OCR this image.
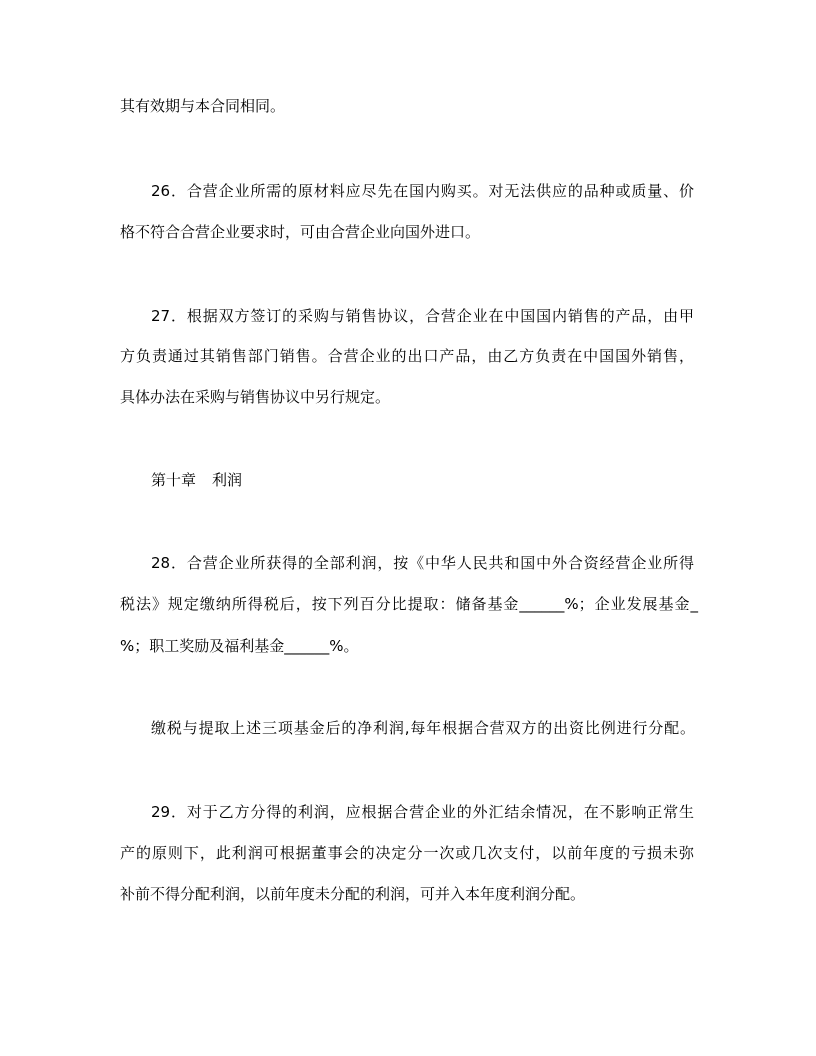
其有效期与本合同相同。
26．合营企业所需的原材料应尽先在国内购买。对无法供应的品种或质量、价
格不符合合营企业要求时，可由合营企业向国外进口。
27．根据双方签订的采购与销售协议，合营企业在中国国内销售的产品，由甲
方负责通过其销售部门销售。合营企业的出口产品，由乙方负责在中国国外销售，
具体办法在采购与销售协议中另行规定。
第十章 利润
28．合营企业所获得的全部利润，按《中华人民共和国中外合资经营企业所得
税法》规定缴纳所得税后，按下列百分比提取：储备基金______%；企业发展基金_
%；职工奖励及福利基金______%。
缴税与提取上述三项基金后的净利润,每年根据合营双方的出资比例进行分配。
29．对于乙方分得的利润，应根据合营企业的外汇结余情况，在不影响正常生
产的原则下，此利润可根据董事会的决定分一次或几次支付，以前年度的亏损未弥
补前不得分配利润，以前年度未分配的利润，可并入本年度利润分配。
